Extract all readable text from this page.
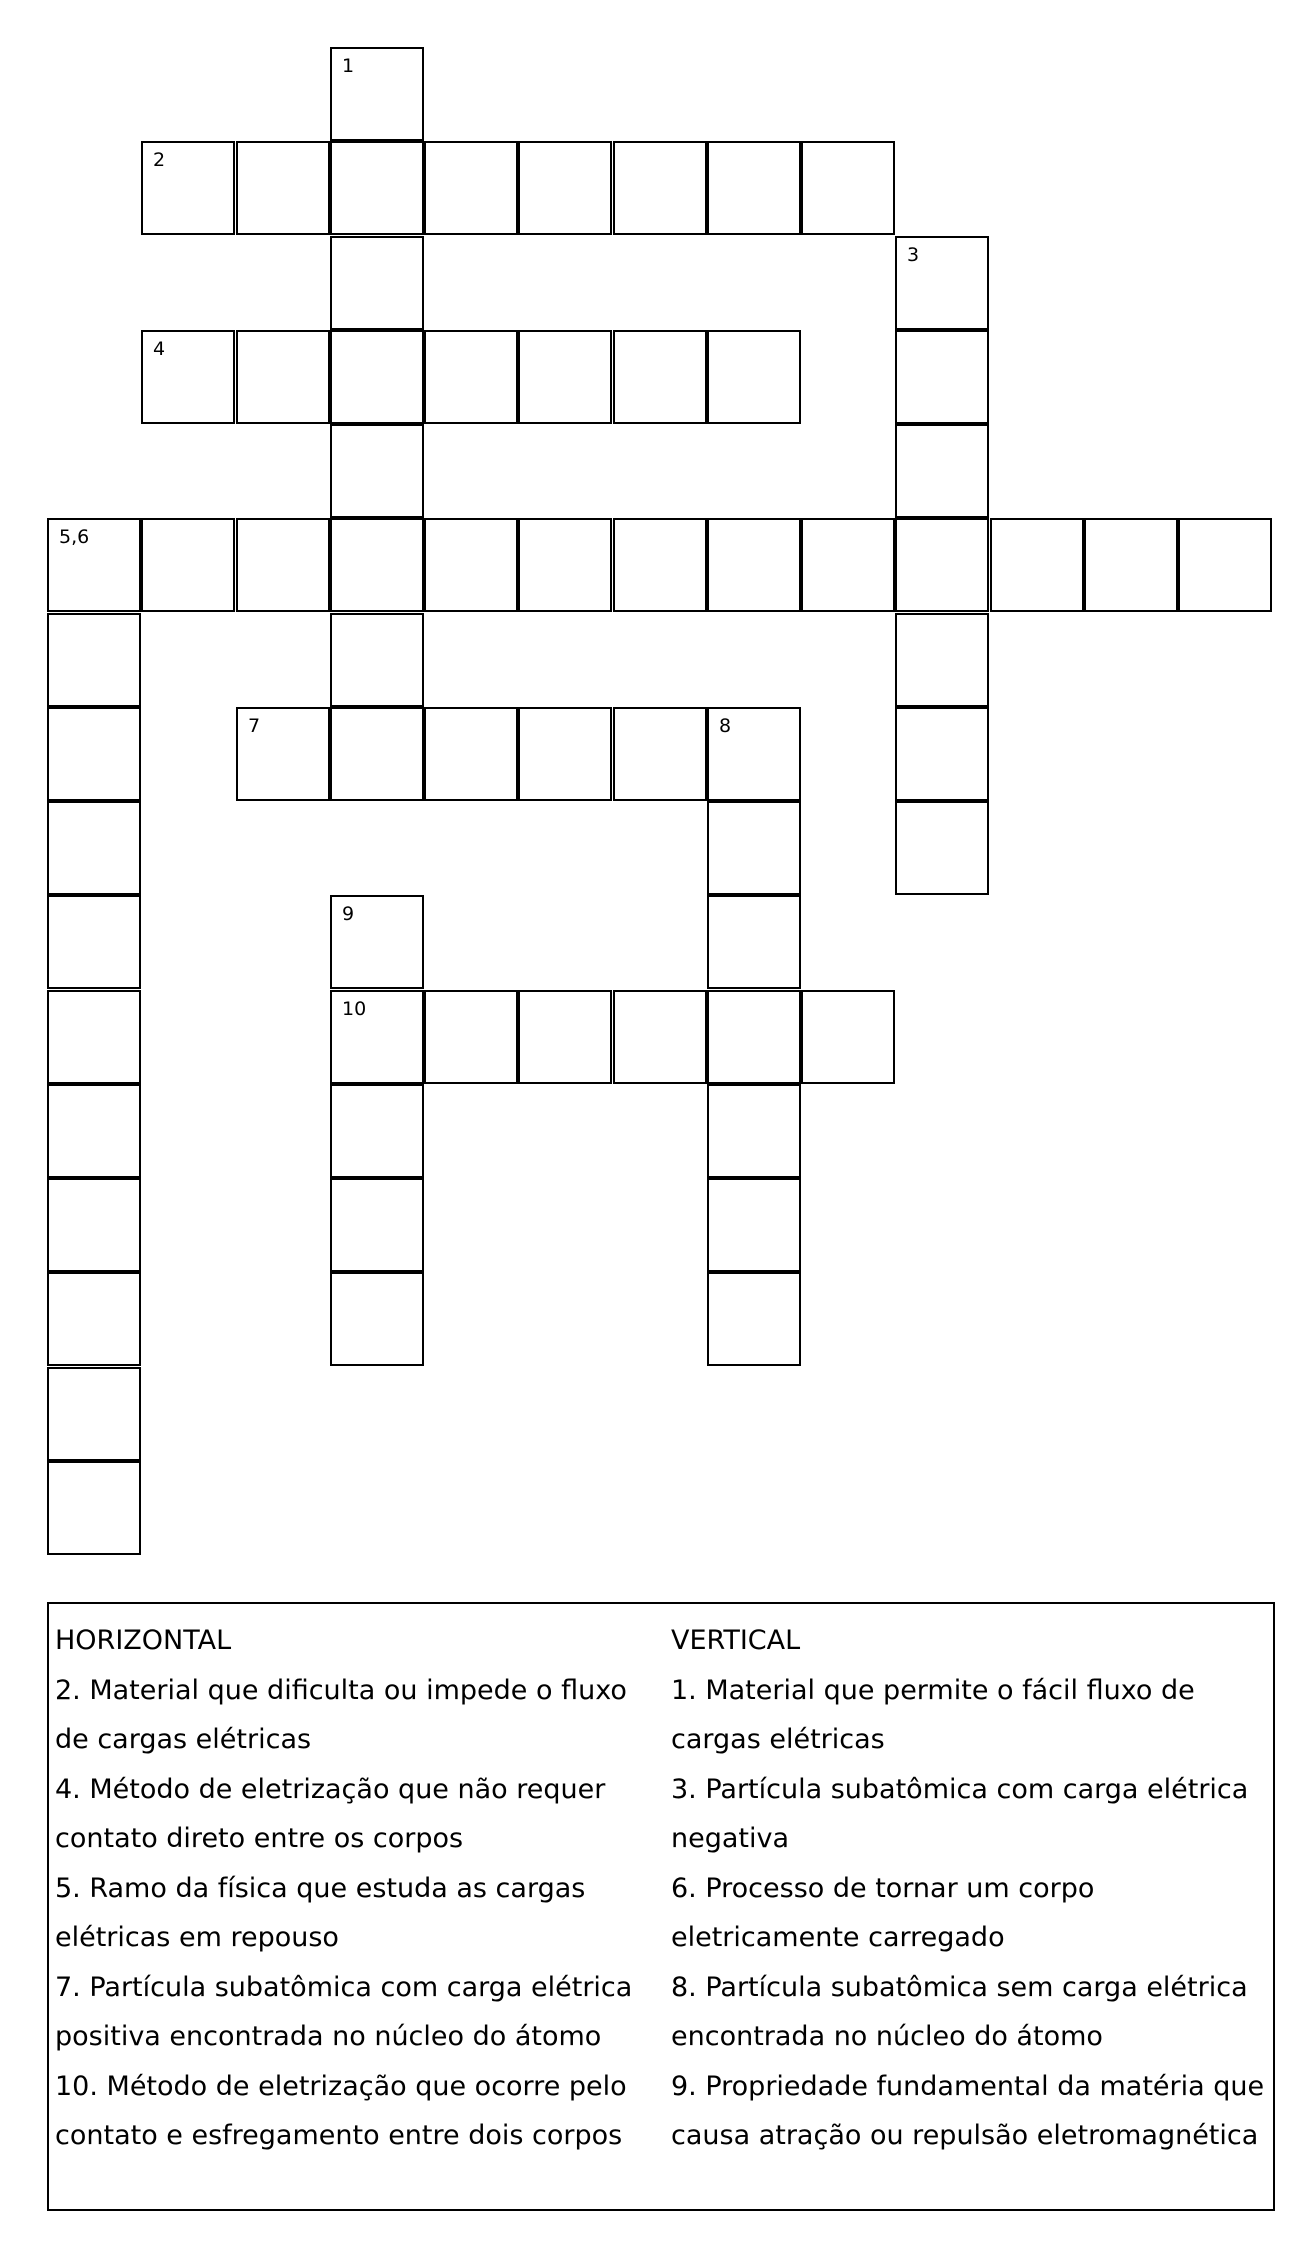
1
2
3
4
5,6
7	8
9
10
HORIZONTAL
2. Material que dificulta ou impede o fluxo
de cargas elétricas
4. Método de eletrização que não requer
contato direto entre os corpos
5. Ramo da física que estuda as cargas
elétricas em repouso
7. Partícula subatômica com carga elétrica
positiva encontrada no núcleo do átomo
10. Método de eletrização que ocorre pelo
contato e esfregamento entre dois corpos
VERTICAL
1. Material que permite o fácil fluxo de
cargas elétricas
3. Partícula subatômica com carga elétrica
negativa
6. Processo de tornar um corpo
eletricamente carregado
8. Partícula subatômica sem carga elétrica
encontrada no núcleo do átomo
9. Propriedade fundamental da matéria que
causa atração ou repulsão eletromagnética
